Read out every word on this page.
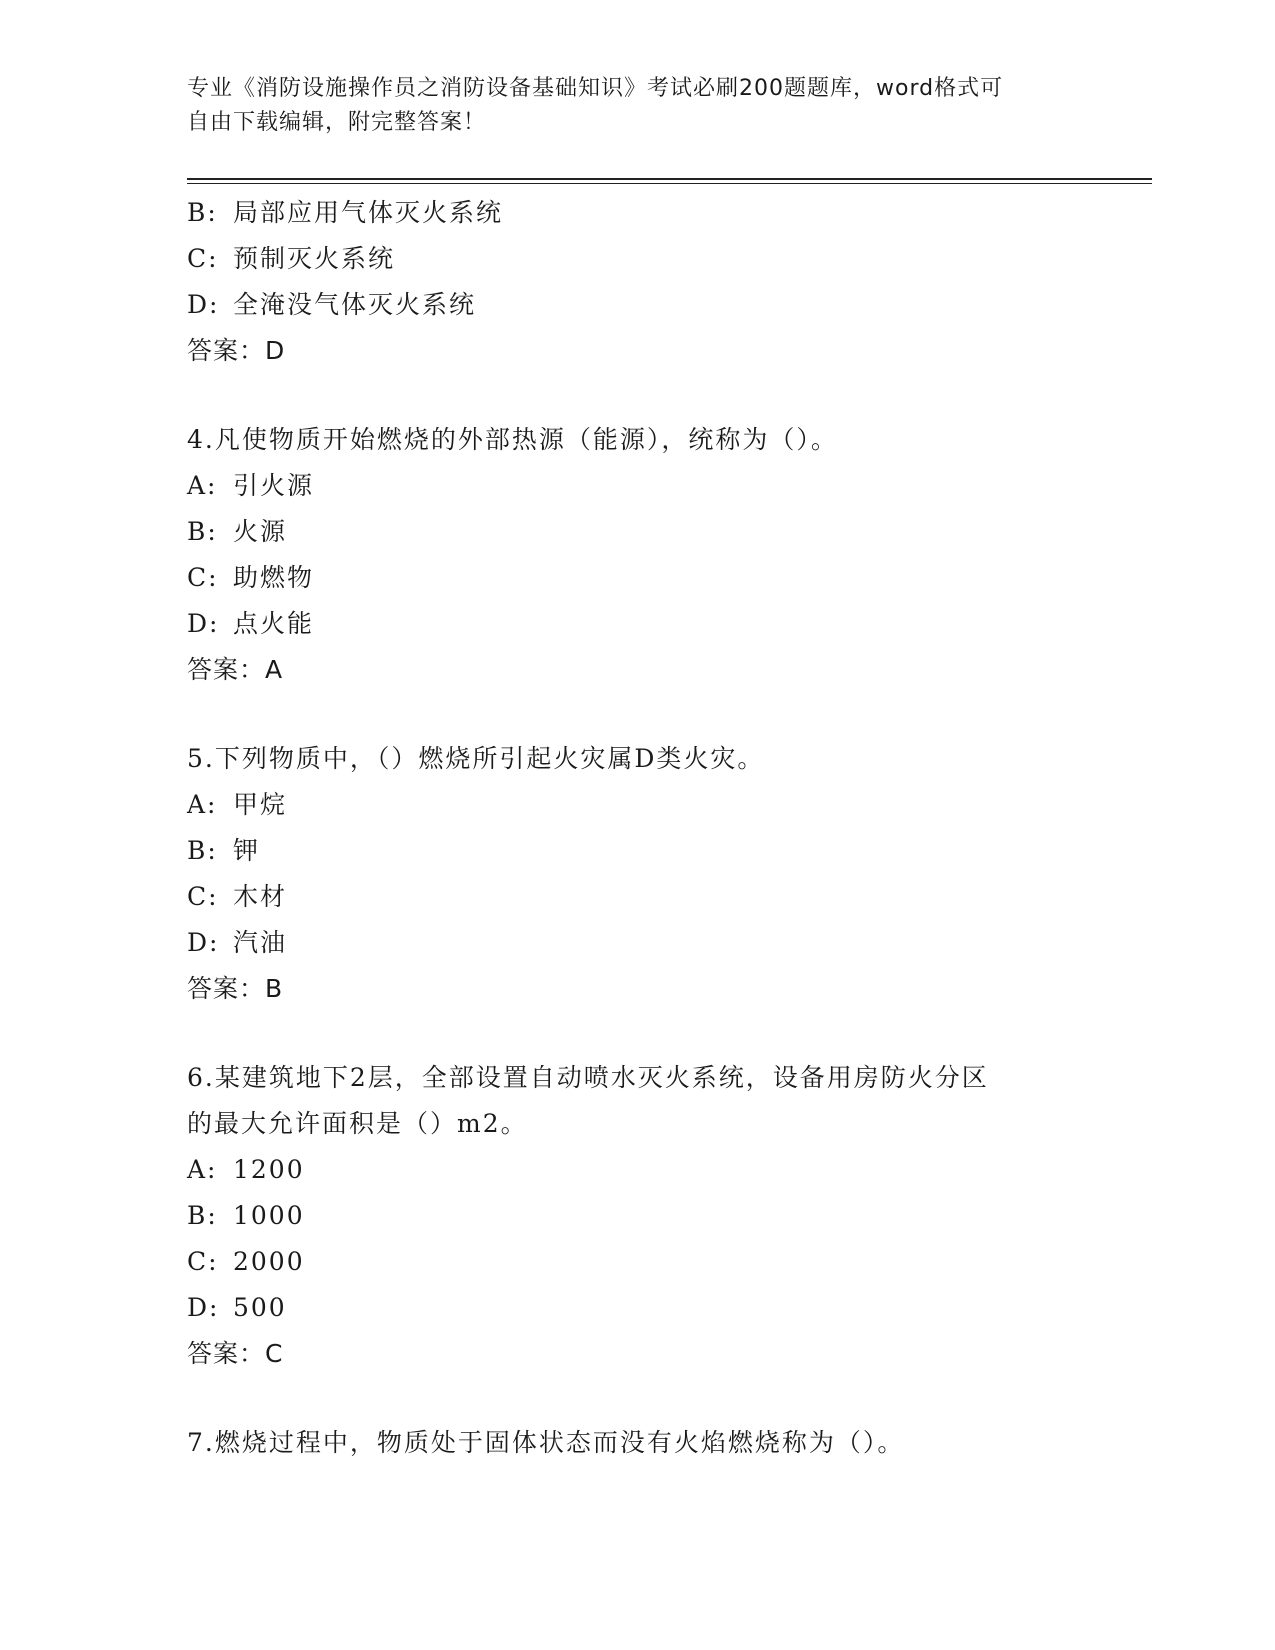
专业《消防设施操作员之消防设备基础知识》考试必刷200题题库，word格式可
自由下载编辑，附完整答案！
B: 局部应用气体灭火系统
C: 预制灭火系统
D: 全淹没气体灭火系统
答案：D
4.凡使物质开始燃烧的外部热源（能源），统称为（）。
A: 引火源
B: 火源
C: 助燃物
D: 点火能
答案：A
5.下列物质中，（）燃烧所引起火灾属D类火灾。
A: 甲烷
B: 钾
C: 木材
D: 汽油
答案：B
6.某建筑地下2层，全部设置自动喷水灭火系统，设备用房防火分区
的最大允许面积是（）m2。
A: 1200
B: 1000
C: 2000
D: 500
答案：C
7.燃烧过程中，物质处于固体状态而没有火焰燃烧称为（）。
